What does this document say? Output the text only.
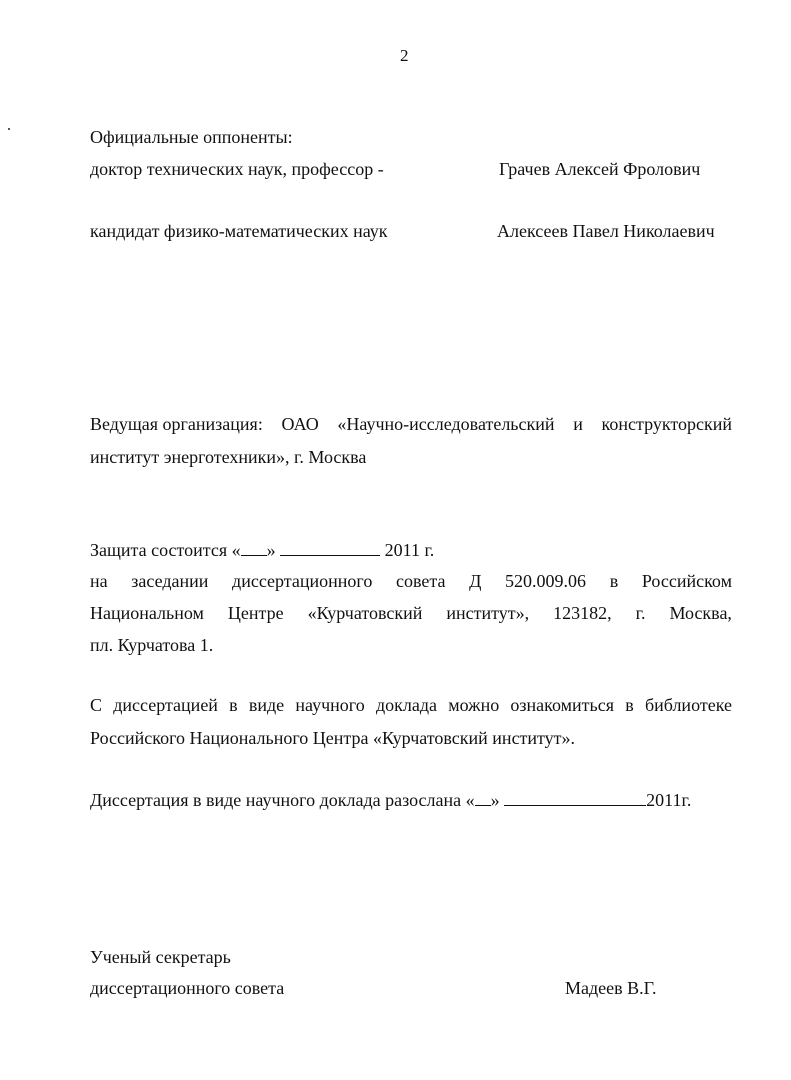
2
Официальные оппоненты:
доктор технических наук, профессор -	Грачев Алексей Фролович
кандидат физико-математических наук	Алексеев Павел Николаевич
Ведущая организация: ОАО «Научно-исследовательский и конструкторский
институт энерготехники», г. Москва
Защита состоится « »	2011 г.
на заседании диссертационного совета Д 520.009.06 в Российском
Национальном Центре «Курчатовский институт», 123182, г. Москва,
пл. Курчатова 1.
С диссертацией в виде научного доклада можно ознакомиться в библиотеке
Российского Национального Центра «Курчатовский институт».
Диссертация в виде научного доклада разослана « »	2011г.
Ученый секретарь
диссертационного совета	Мадеев В.Г.
